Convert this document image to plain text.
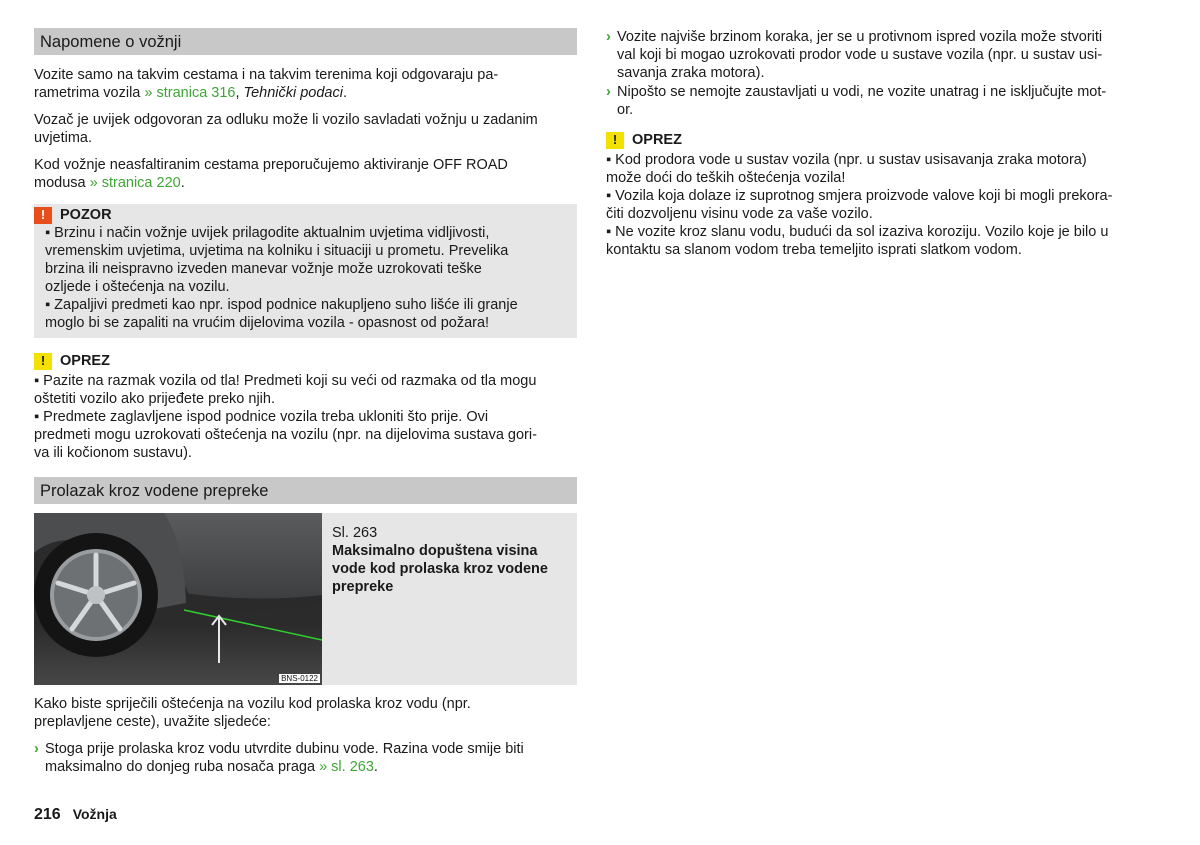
Napomene o vožnji

Vozite samo na takvim cestama i na takvim terenima koji odgovaraju pa-
rametrima vozila » stranica 316, Tehnički podaci.

Vozač je uvijek odgovoran za odluku može li vozilo savladati vožnju u zadanim
uvjetima.

Kod vožnje neasfaltiranim cestama preporučujemo aktiviranje OFF ROAD
modusa » stranica 220.

!	POZOR
▪ Brzinu i način vožnje uvijek prilagodite aktualnim uvjetima vidljivosti,
vremenskim uvjetima, uvjetima na kolniku i situaciji u prometu. Prevelika
brzina ili neispravno izveden manevar vožnje može uzrokovati teške
ozljede i oštećenja na vozilu.
▪ Zapaljivi predmeti kao npr. ispod podnice nakupljeno suho lišće ili granje
moglo bi se zapaliti na vrućim dijelovima vozila - opasnost od požara!
!	OPREZ
▪ Pazite na razmak vozila od tla! Predmeti koji su veći od razmaka od tla mogu
oštetiti vozilo ako prijeđete preko njih.
▪ Predmete zaglavljene ispod podnice vozila treba ukloniti što prije. Ovi
predmeti mogu uzrokovati oštećenja na vozilu (npr. na dijelovima sustava gori-
va ili kočionom sustavu).
Prolazak kroz vodene prepreke
BNS-0122
Sl. 263
Maksimalno dopuštena visina
vode kod prolaska kroz vodene
prepreke

Kako biste spriječili oštećenja na vozilu kod prolaska kroz vodu (npr.
preplavljene ceste), uvažite sljedeće:

› Stoga prije prolaska kroz vodu utvrdite dubinu vode. Razina vode smije biti
maksimalno do donjeg ruba nosača praga » sl. 263.
› Vozite najviše brzinom koraka, jer se u protivnom ispred vozila može stvoriti
val koji bi mogao uzrokovati prodor vode u sustave vozila (npr. u sustav usi-
savanja zraka motora).
› Nipošto se nemojte zaustavljati u vodi, ne vozite unatrag i ne isključujte mot-
or.
!	OPREZ
▪ Kod prodora vode u sustav vozila (npr. u sustav usisavanja zraka motora)
može doći do teških oštećenja vozila!
▪ Vozila koja dolaze iz suprotnog smjera proizvode valove koji bi mogli prekora-
čiti dozvoljenu visinu vode za vaše vozilo.
▪ Ne vozite kroz slanu vodu, budući da sol izaziva koroziju. Vozilo koje je bilo u
kontaktu sa slanom vodom treba temeljito isprati slatkom vodom.
216 Vožnja
